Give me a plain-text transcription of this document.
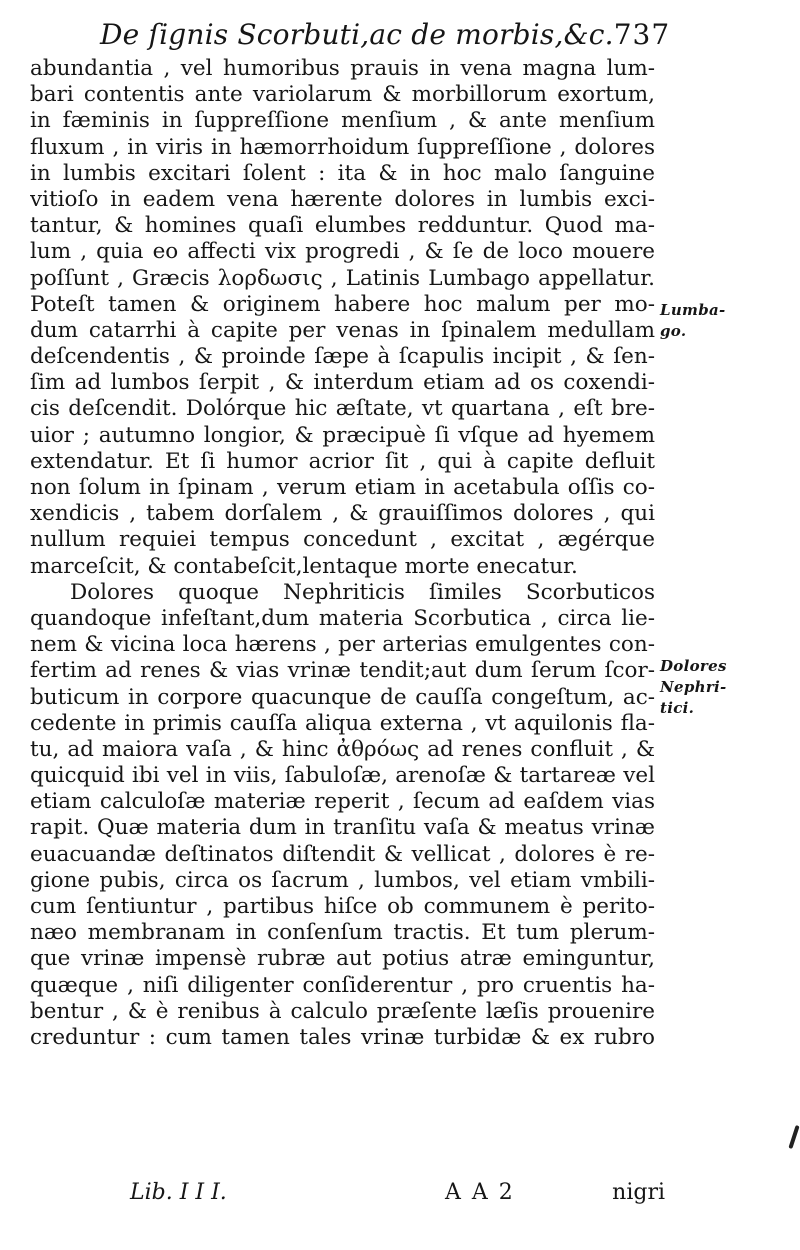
De ſignis Scorbuti,ac de morbis,&c. 737
abundantia , vel humoribus prauis in vena magna lum-
bari contentis ante variolarum & morbillorum exortum,
in fæminis in ſuppreſſione menſium , & ante menſium
fluxum , in viris in hæmorrhoidum ſuppreſſione , dolores
in lumbis excitari ſolent : ita & in hoc malo ſanguine
vitioſo in eadem vena hærente dolores in lumbis exci-
tantur, & homines quaſi elumbes redduntur. Quod ma-
lum , quia eo affecti vix progredi , & ſe de loco mouere
poſſunt , Græcis λορδωσις , Latinis Lumbago appellatur.
Poteſt tamen & originem habere hoc malum per mo-
dum catarrhi à capite per venas in ſpinalem medullam
deſcendentis , & proinde ſæpe à ſcapulis incipit , & ſen-
ſim ad lumbos ſerpit , & interdum etiam ad os coxendi-
cis deſcendit. Dolórque hic æſtate, vt quartana , eſt bre-
uior ; autumno longior, & præcipuè ſi vſque ad hyemem
extendatur. Et ſi humor acrior ſit , qui à capite defluit
non ſolum in ſpinam , verum etiam in acetabula oſſis co-
xendicis , tabem dorſalem , & grauiſſimos dolores , qui
nullum requiei tempus concedunt , excitat , ægérque
marceſcit, & contabeſcit,lentaque morte enecatur.
Dolores quoque Nephriticis ſimiles Scorbuticos
quandoque infeſtant,dum materia Scorbutica , circa lie-
nem & vicina loca hærens , per arterias emulgentes con-
fertim ad renes & vias vrinæ tendit;aut dum ſerum ſcor-
buticum in corpore quacunque de cauſſa congeſtum, ac-
cedente in primis cauſſa aliqua externa , vt aquilonis fla-
tu, ad maiora vaſa , & hinc ἀθρόως ad renes confluit , &
quicquid ibi vel in viis, ſabuloſæ, arenoſæ & tartareæ vel
etiam calculoſæ materiæ reperit , ſecum ad eaſdem vias
rapit. Quæ materia dum in tranſitu vaſa & meatus vrinæ
euacuandæ deſtinatos diſtendit & vellicat , dolores è re-
gione pubis, circa os ſacrum , lumbos, vel etiam vmbili-
cum ſentiuntur , partibus hiſce ob communem è perito-
næo membranam in conſenſum tractis. Et tum plerum-
que vrinæ impensè rubræ aut potius atræ eminguntur,
quæque , niſi diligenter conſiderentur , pro cruentis ha-
bentur , & è renibus à calculo præſente læſis prouenire
creduntur : cum tamen tales vrinæ turbidæ & ex rubro
Lumba-
go.
Dolores
Nephri-
tici.
Lib. I I I.	A A 2	nigri
